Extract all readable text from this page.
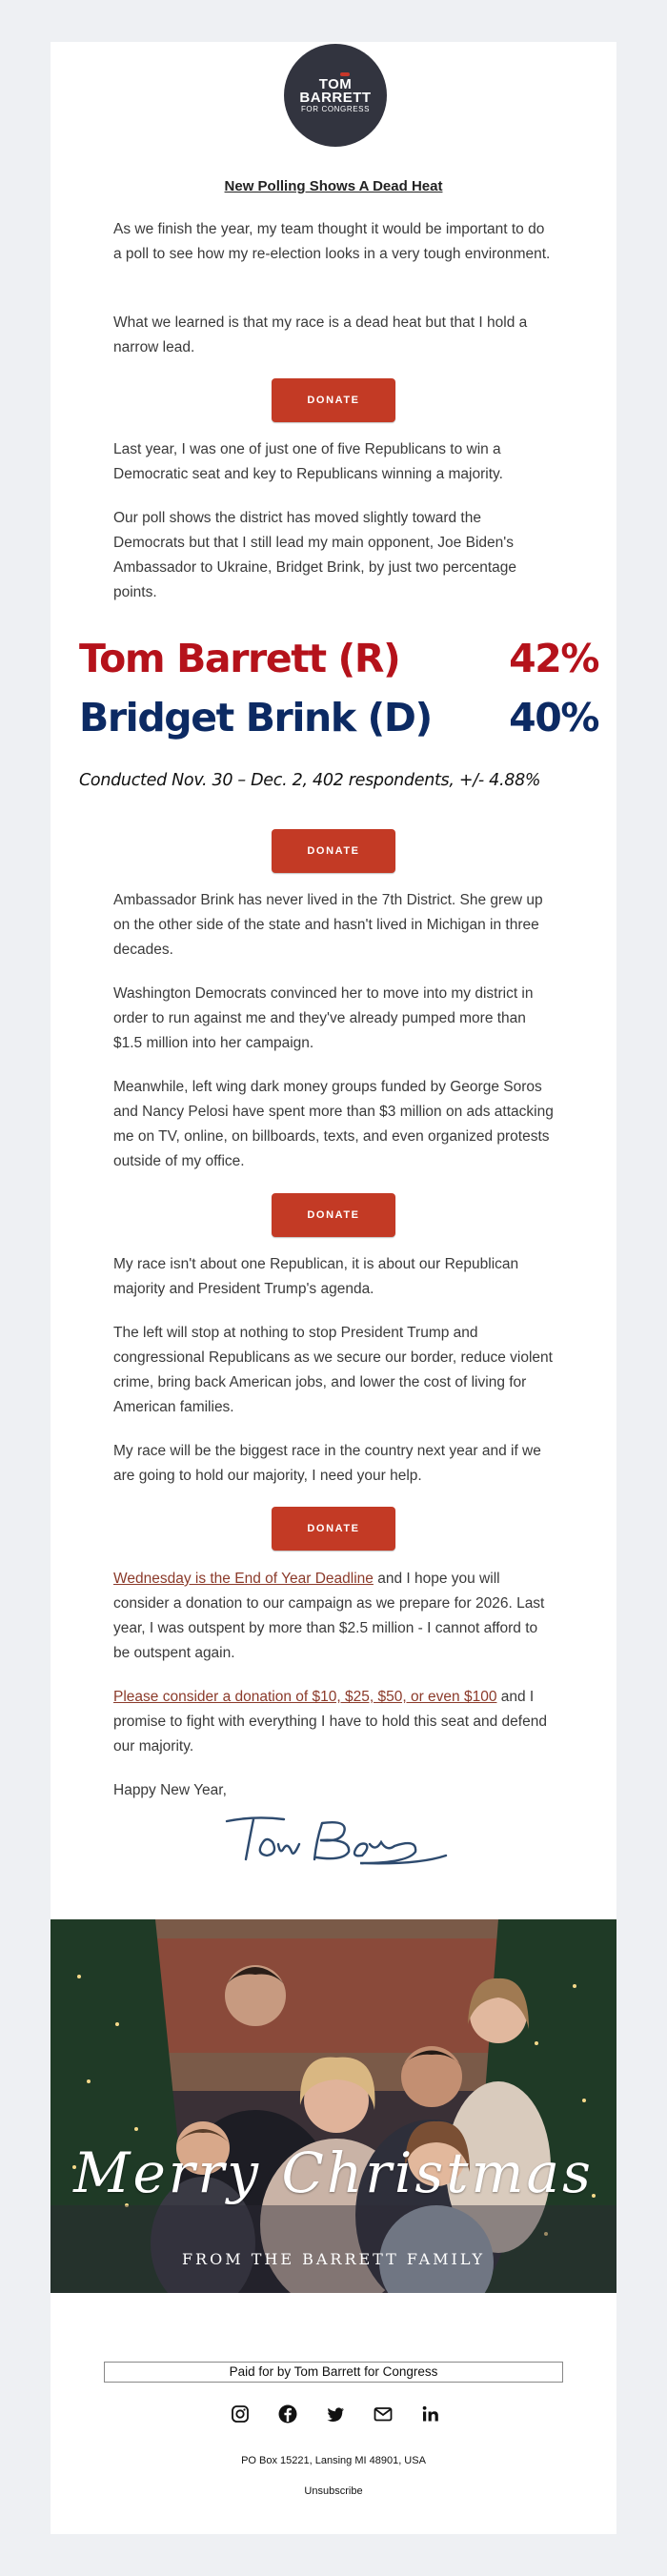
TOM
BARRETT
FOR CONGRESS
New Polling Shows A Dead Heat
As we finish the year, my team thought it would be important to do a poll to see how my re-election looks in a very tough environment.
What we learned is that my race is a dead heat but that I hold a narrow lead.
DONATE
Last year, I was one of just one of five Republicans to win a Democratic seat and key to Republicans winning a majority.
Our poll shows the district has moved slightly toward the Democrats but that I still lead my main opponent, Joe Biden's Ambassador to Ukraine, Bridget Brink, by just two percentage points.
Tom Barrett (R)	42%
Bridget Brink (D) 40%
Conducted Nov. 30 – Dec. 2, 402 respondents, +/- 4.88%
DONATE
Ambassador Brink has never lived in the 7th District. She grew up on the other side of the state and hasn't lived in Michigan in three decades.
Washington Democrats convinced her to move into my district in order to run against me and they've already pumped more than $1.5 million into her campaign.
Meanwhile, left wing dark money groups funded by George Soros and Nancy Pelosi have spent more than $3 million on ads attacking me on TV, online, on billboards, texts, and even organized protests outside of my office.
DONATE
My race isn't about one Republican, it is about our Republican majority and President Trump's agenda.
The left will stop at nothing to stop President Trump and congressional Republicans as we secure our border, reduce violent crime, bring back American jobs, and lower the cost of living for American families.
My race will be the biggest race in the country next year and if we are going to hold our majority, I need your help.
DONATE
Wednesday is the End of Year Deadline and I hope you will consider a donation to our campaign as we prepare for 2026. Last year, I was outspent by more than $2.5 million - I cannot afford to be outspent again.
Please consider a donation of $10, $25, $50, or even $100 and I promise to fight with everything I have to hold this seat and defend our majority.
Happy New Year,
Merry Christmas
FROM THE BARRETT FAMILY
Paid for by Tom Barrett for Congress
PO Box 15221, Lansing MI 48901, USA
Unsubscribe
